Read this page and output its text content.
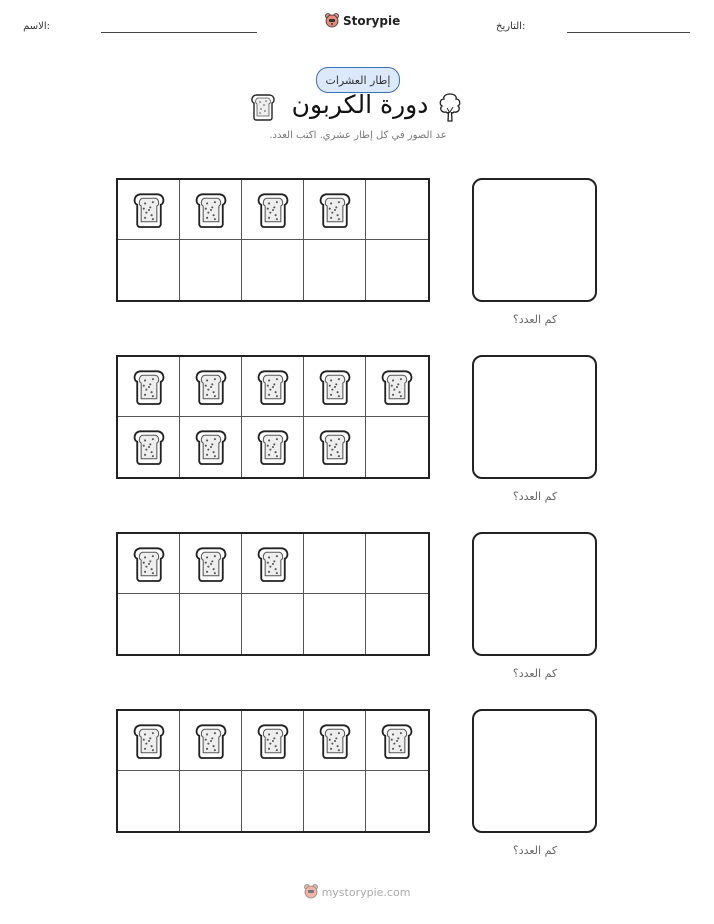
الاسم:	Storypie	التاريخ:
إطار العشرات
دورة الكربون
عد الصور في كل إطار عشري. اكتب العدد.
كم العدد؟
كم العدد؟
كم العدد؟
كم العدد؟
mystorypie.com
